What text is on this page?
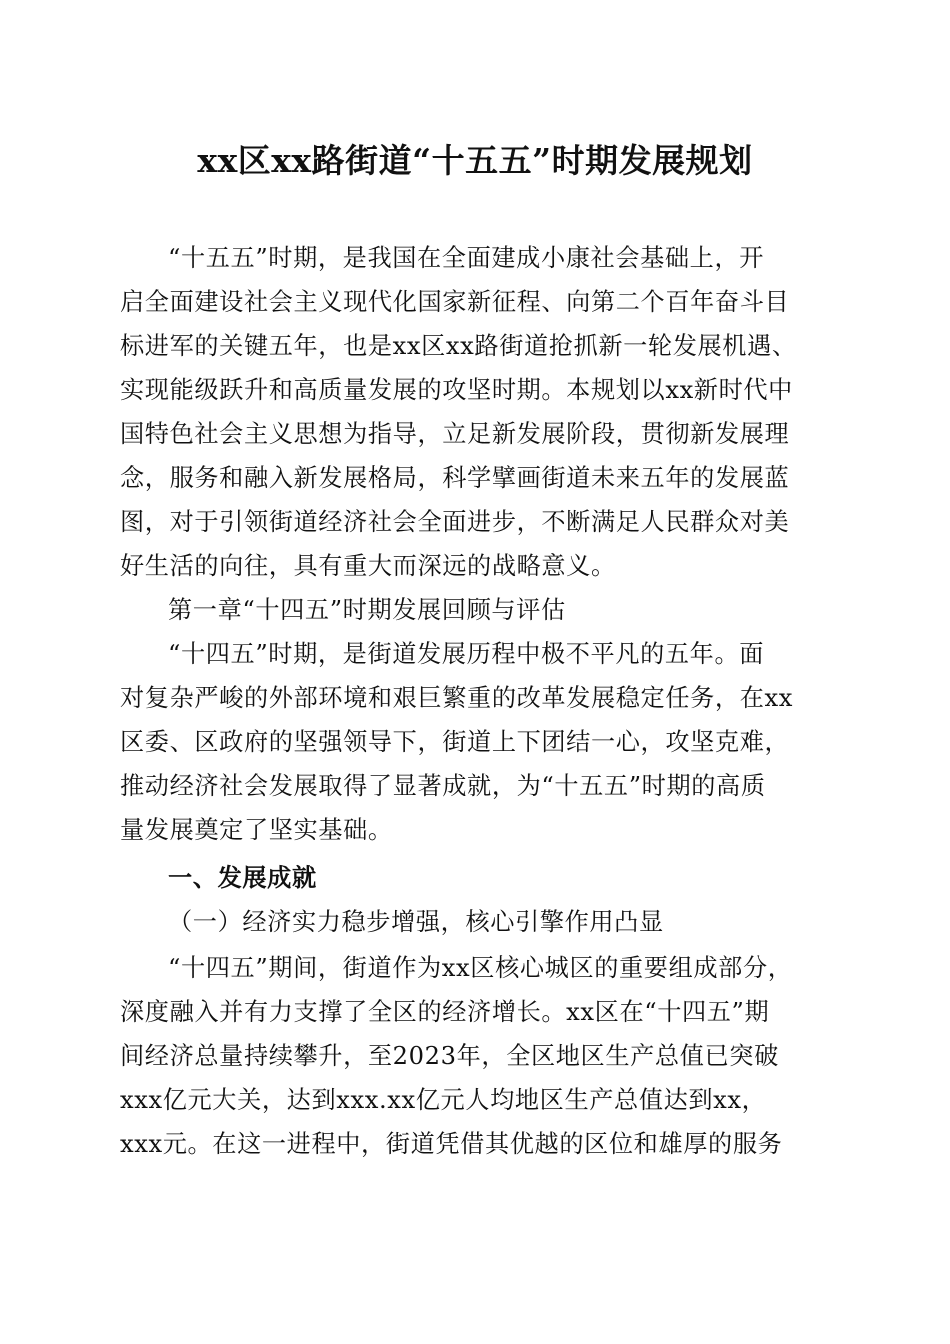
xx区xx路街道“十五五”时期发展规划
“十五五”时期，是我国在全面建成小康社会基础上，开
启全面建设社会主义现代化国家新征程、向第二个百年奋斗目
标进军的关键五年，也是xx区xx路街道抢抓新一轮发展机遇、
实现能级跃升和高质量发展的攻坚时期。本规划以xx新时代中
国特色社会主义思想为指导，立足新发展阶段，贯彻新发展理
念，服务和融入新发展格局，科学擘画街道未来五年的发展蓝
图，对于引领街道经济社会全面进步，不断满足人民群众对美
好生活的向往，具有重大而深远的战略意义。
第一章“十四五”时期发展回顾与评估
“十四五”时期，是街道发展历程中极不平凡的五年。面
对复杂严峻的外部环境和艰巨繁重的改革发展稳定任务，在xx
区委、区政府的坚强领导下，街道上下团结一心，攻坚克难，
推动经济社会发展取得了显著成就，为“十五五”时期的高质
量发展奠定了坚实基础。
一、发展成就
（一）经济实力稳步增强，核心引擎作用凸显
“十四五”期间，街道作为xx区核心城区的重要组成部分，
深度融入并有力支撑了全区的经济增长。xx区在“十四五”期
间经济总量持续攀升，至2023年，全区地区生产总值已突破
xxx亿元大关，达到xxx.xx亿元人均地区生产总值达到xx，
xxx元。在这一进程中，街道凭借其优越的区位和雄厚的服务
